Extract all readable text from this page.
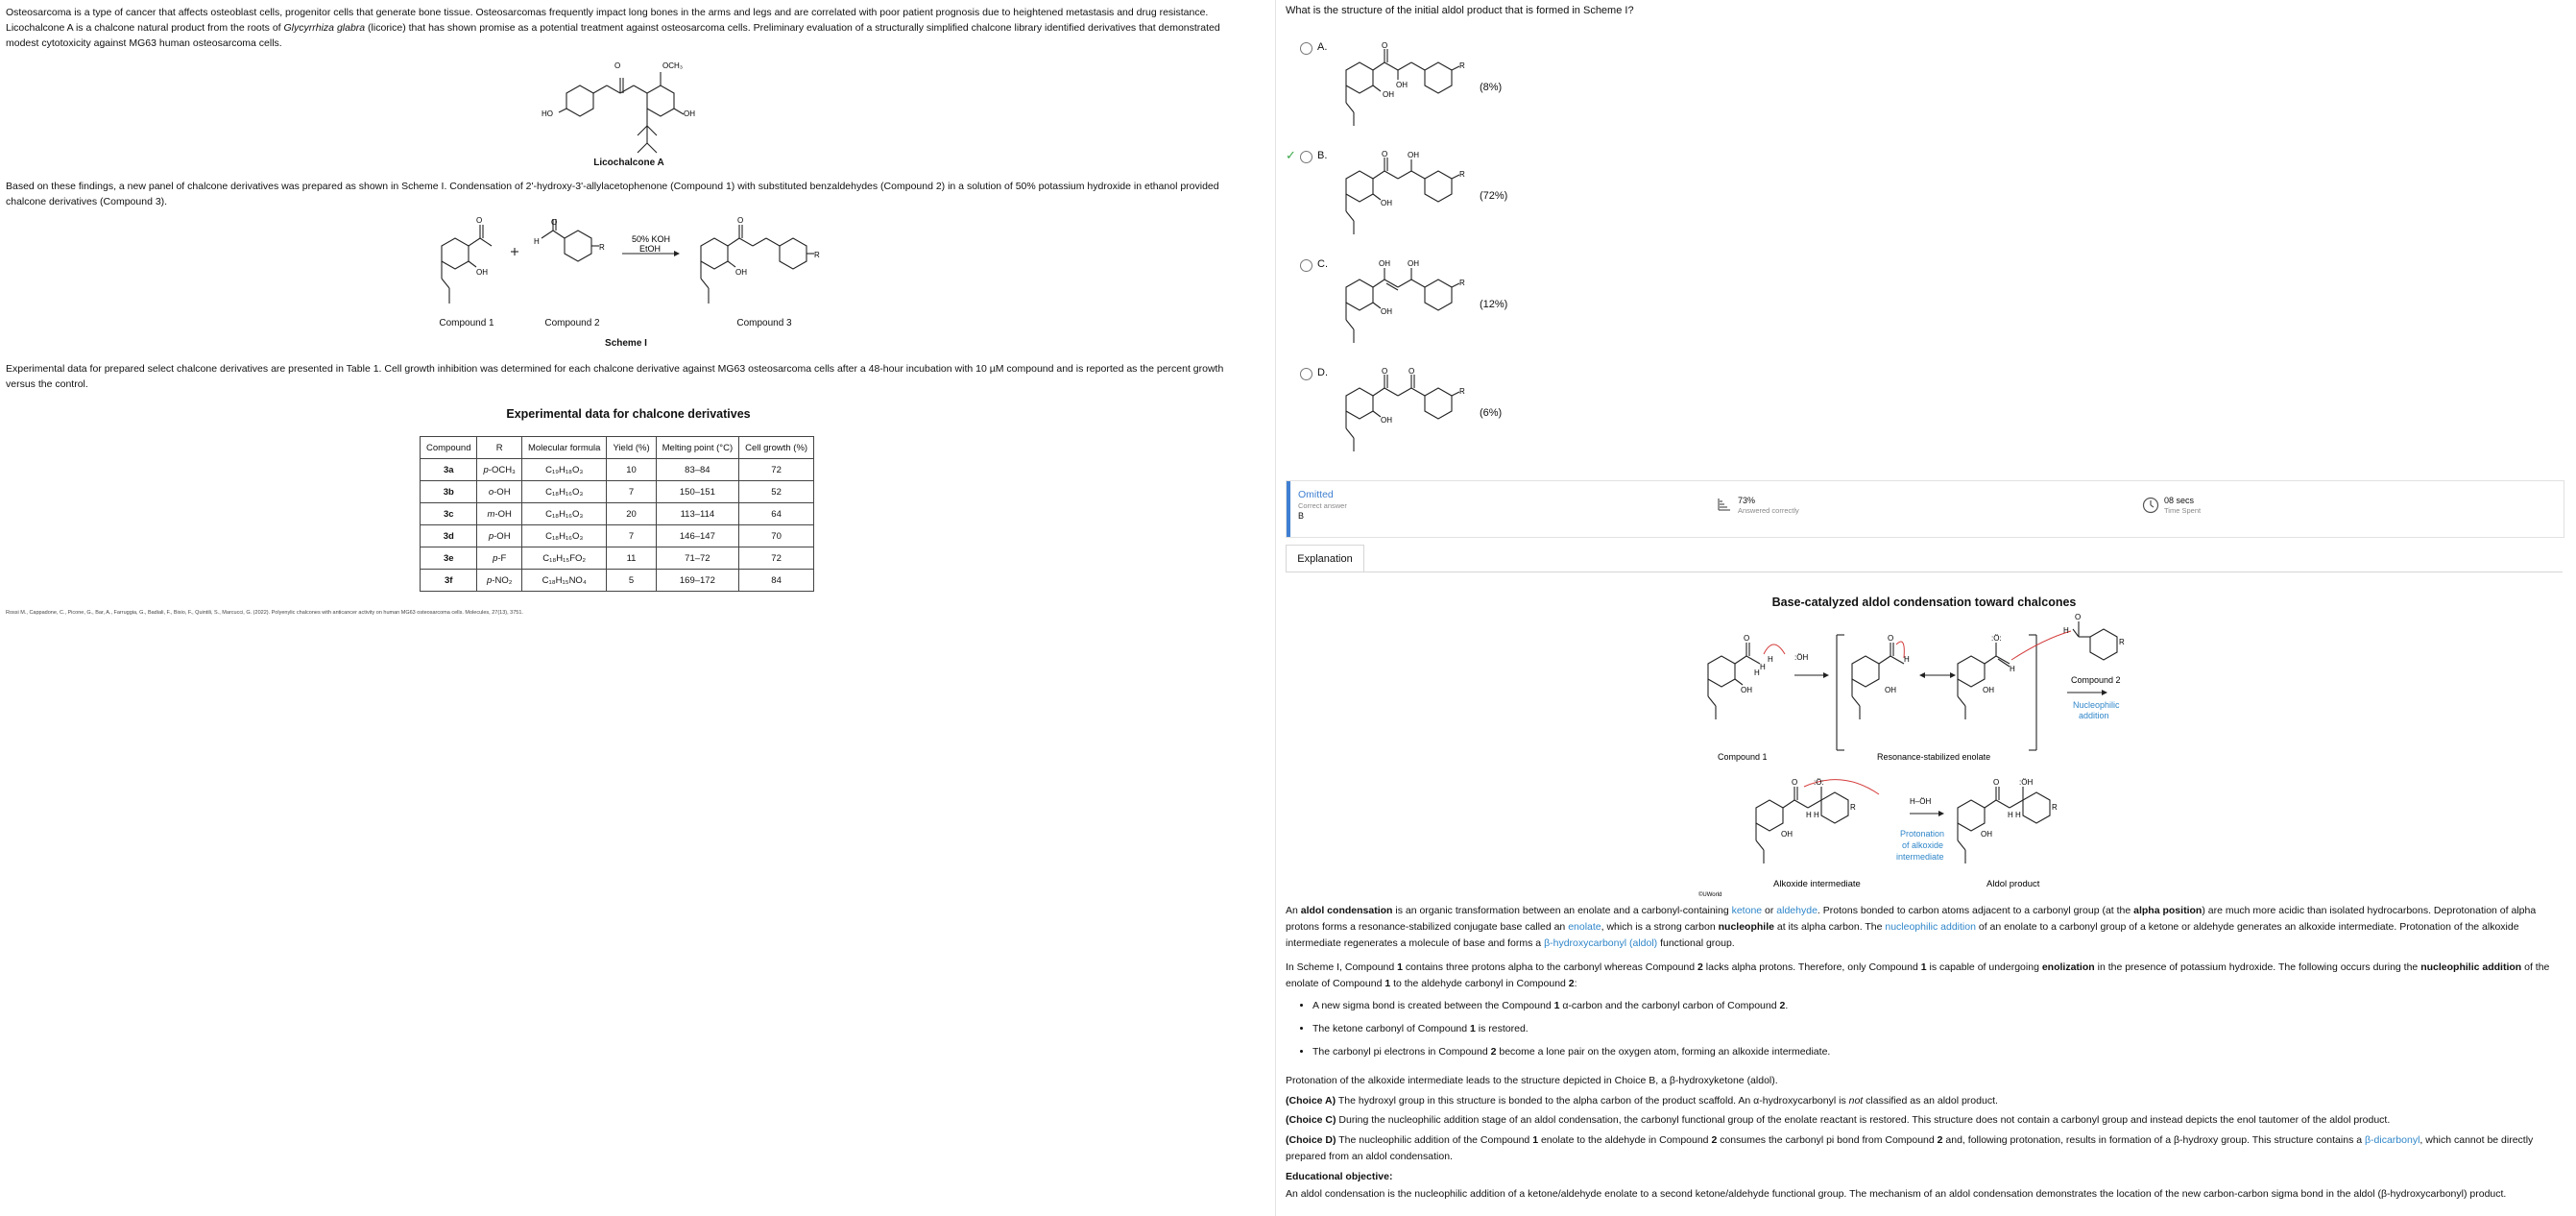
Osteosarcoma is a type of cancer that affects osteoblast cells, progenitor cells that generate bone tissue. Osteosarcomas frequently impact long bones in the arms and legs and are correlated with poor patient prognosis due to heightened metastasis and drug resistance.
Licochalcone A is a chalcone natural product from the roots of Glycyrrhiza glabra (licorice) that has shown promise as a potential treatment against osteosarcoma cells. Preliminary evaluation of a structurally simplified chalcone library identified derivatives that demonstrated
modest cytotoxicity against MG63 human osteosarcoma cells.

O	OCH₃
HO	OH
Licochalcone A

Based on these findings, a new panel of chalcone derivatives was prepared as shown in Scheme I. Condensation of 2'-hydroxy-3'-allylacetophenone (Compound 1) with substituted benzaldehydes (Compound 2) in a solution of 50% potassium hydroxide in ethanol provided
chalcone derivatives (Compound 3).

O
OH
O
H
R
O
OH
R
50% KOH
EtOH
Compound 1	Compound 2	Compound 3
Scheme I

Experimental data for prepared select chalcone derivatives are presented in Table 1. Cell growth inhibition was determined for each chalcone derivative against MG63 osteosarcoma cells after a 48-hour incubation with 10 µM compound and is reported as the percent growth
versus the control.

Experimental data for chalcone derivatives
Compound	R	Molecular formula	Yield (%)	Melting point (°C)	Cell growth (%)
3a	p-OCH₃	C₁₉H₁₈O₃	10	83–84	72
3b	o-OH	C₁₈H₁₆O₃	7	150–151	52
3c	m-OH	C₁₈H₁₆O₃	20	113–114	64
3d	p-OH	C₁₈H₁₆O₃	7	146–147	70
3e	p-F	C₁₈H₁₅FO₂	11	71–72	72
3f	p-NO₂	C₁₈H₁₅NO₄	5	169–172	84
Rossi M., Cappadone, C., Picone, G., Bar, A., Farruggia, G., Badiali, F., Bisio, F., Quintili, S., Marcucci, G. (2022). Polyenylic chalcones with anticancer activity on human MG63 osteosarcoma cells. Molecules, 27(13), 3751.
What is the structure of the initial aldol product that is formed in Scheme I?
A.	O
OH
OH
R
(8%)
✓ B.	O	OH
OH
R
(72%)
C.	OH OH
OH
R
(12%)
D.	O	O
OH
R
(6%)
Omitted
Correct answer
B
73%
Answered correctly
08 secs
Time Spent
Explanation
Base-catalyzed aldol condensation toward chalcones
O
OH
H
H
H
:ÖH
O
OH
H
:Ö:
OH
H
H
O
R
O :Ö:
OH
H H
R
O	:ÖH
OH
H H
R
H–ÖH
Compound 1	Resonance-stabilized enolate
Compound 2
Nucleophilic
addition
Protonation
of alkoxide
intermediate
Alkoxide intermediate	Aldol product
©UWorld
An aldol condensation is an organic transformation between an enolate and a carbonyl-containing ketone or aldehyde. Protons bonded to carbon atoms adjacent to a carbonyl group (at the alpha position) are much more acidic than isolated hydrocarbons. Deprotonation of alpha protons forms a resonance-stabilized conjugate base called an enolate, which is a strong carbon nucleophile at its alpha carbon. The nucleophilic addition of an enolate to a carbonyl group of a ketone or aldehyde generates an alkoxide intermediate. Protonation of the alkoxide intermediate regenerates a molecule of base and forms a β-hydroxycarbonyl (aldol) functional group.
In Scheme I, Compound 1 contains three protons alpha to the carbonyl whereas Compound 2 lacks alpha protons. Therefore, only Compound 1 is capable of undergoing enolization in the presence of potassium hydroxide. The following occurs during the nucleophilic addition of the enolate of Compound 1 to the aldehyde carbonyl in Compound 2:
• A new sigma bond is created between the Compound 1 α-carbon and the carbonyl carbon of Compound 2.
• The ketone carbonyl of Compound 1 is restored.
• The carbonyl pi electrons in Compound 2 become a lone pair on the oxygen atom, forming an alkoxide intermediate.
Protonation of the alkoxide intermediate leads to the structure depicted in Choice B, a β-hydroxyketone (aldol).
(Choice A) The hydroxyl group in this structure is bonded to the alpha carbon of the product scaffold. An α-hydroxycarbonyl is not classified as an aldol product.
(Choice C) During the nucleophilic addition stage of an aldol condensation, the carbonyl functional group of the enolate reactant is restored. This structure does not contain a carbonyl group and instead depicts the enol tautomer of the aldol product.
(Choice D) The nucleophilic addition of the Compound 1 enolate to the aldehyde in Compound 2 consumes the carbonyl pi bond from Compound 2 and, following protonation, results in formation of a β-hydroxy group. This structure contains a β-dicarbonyl, which cannot be directly prepared from an aldol condensation.
Educational objective:
An aldol condensation is the nucleophilic addition of a ketone/aldehyde enolate to a second ketone/aldehyde functional group. The mechanism of an aldol condensation demonstrates the location of the new carbon-carbon sigma bond in the aldol (β-hydroxycarbonyl) product.
